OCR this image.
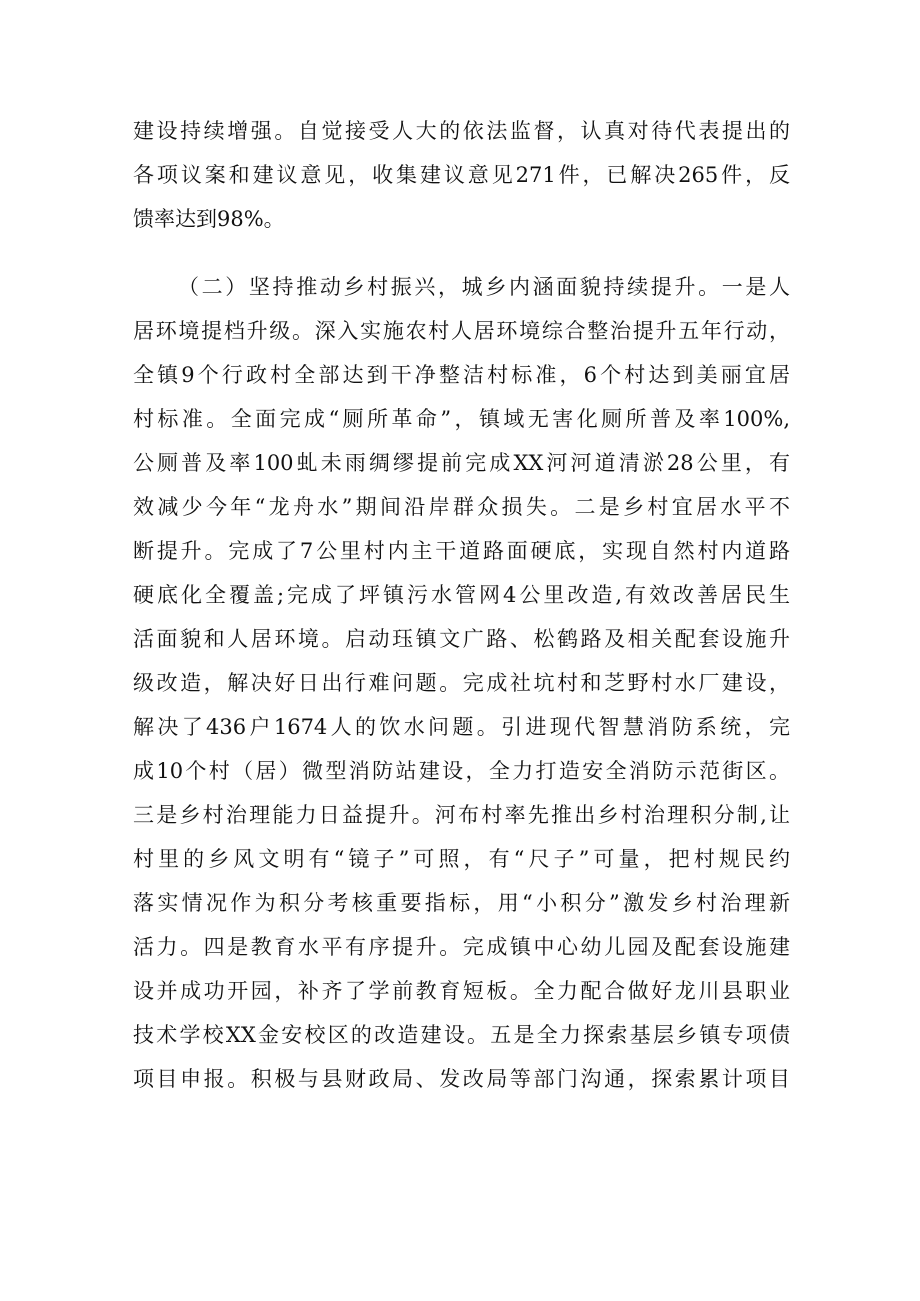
建设持续增强。自觉接受人大的依法监督，认真对待代表提出的
各项议案和建议意见，收集建议意见271件，已解决265件，反
馈率达到98%。
（二）坚持推动乡村振兴，城乡内涵面貌持续提升。一是人
居环境提档升级。深入实施农村人居环境综合整治提升五年行动，
全镇9个行政村全部达到干净整洁村标准，6个村达到美丽宜居
村标准。全面完成“厕所革命”，镇域无害化厕所普及率100%,
公厕普及率100虬未雨绸缪提前完成XX河河道清淤28公里，有
效减少今年“龙舟水”期间沿岸群众损失。二是乡村宜居水平不
断提升。完成了7公里村内主干道路面硬底，实现自然村内道路
硬底化全覆盖;完成了坪镇污水管网4公里改造,有效改善居民生
活面貌和人居环境。启动珏镇文广路、松鹤路及相关配套设施升
级改造，解决好日出行难问题。完成社坑村和芝野村水厂建设，
解决了436户1674人的饮水问题。引进现代智慧消防系统，完
成10个村（居）微型消防站建设，全力打造安全消防示范街区。
三是乡村治理能力日益提升。河布村率先推出乡村治理积分制,让
村里的乡风文明有“镜子”可照，有“尺子”可量，把村规民约
落实情况作为积分考核重要指标，用“小积分”激发乡村治理新
活力。四是教育水平有序提升。完成镇中心幼儿园及配套设施建
设并成功开园，补齐了学前教育短板。全力配合做好龙川县职业
技术学校XX金安校区的改造建设。五是全力探索基层乡镇专项债
项目申报。积极与县财政局、发改局等部门沟通，探索累计项目
